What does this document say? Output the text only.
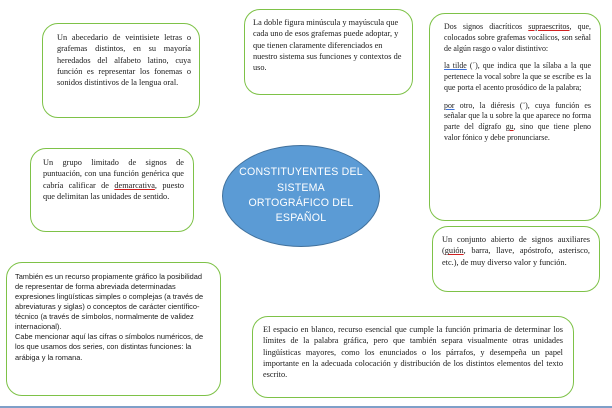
Un abecedario de veintisiete letras o grafemas distintos, en su mayoría heredados del alfabeto latino, cuya función es representar los fonemas o sonidos distintivos de la lengua oral.

La doble figura minúscula y mayúscula que cada uno de esos grafemas puede adoptar, y que tienen claramente diferenciados en nuestro sistema sus funciones y contextos de uso.

Dos signos diacríticos supraescritos, que, colocados sobre grafemas vocálicos, son señal de algún rasgo o valor distintivo:

la tilde (´), que indica que la sílaba a la que pertenece la vocal sobre la que se escribe es la que porta el acento prosódico de la palabra;

por otro, la diéresis (¨), cuya función es señalar que la u sobre la que aparece no forma parte del dígrafo gu, sino que tiene pleno valor fónico y debe pronunciarse.

Un grupo limitado de signos de puntuación, con una función genérica que cabría calificar de demarcativa, puesto que delimitan las unidades de sentido.

CONSTITUYENTES DEL
SISTEMA
ORTOGRÁFICO DEL
ESPAÑOL

Un conjunto abierto de signos auxiliares (guión, barra, llave, apóstrofo, asterisco, etc.), de muy diverso valor y función.

También es un recurso propiamente gráfico la posibilidad de representar de forma abreviada determinadas expresiones lingüísticas simples o complejas (a través de abreviaturas y siglas) o conceptos de carácter científico-técnico (a través de símbolos, normalmente de validez internacional).

Cabe mencionar aquí las cifras o símbolos numéricos, de los que usamos dos series, con distintas funciones: la arábiga y la romana.

El espacio en blanco, recurso esencial que cumple la función primaria de determinar los límites de la palabra gráfica, pero que también separa visualmente otras unidades lingüísticas mayores, como los enunciados o los párrafos, y desempeña un papel importante en la adecuada colocación y distribución de los distintos elementos del texto escrito.
